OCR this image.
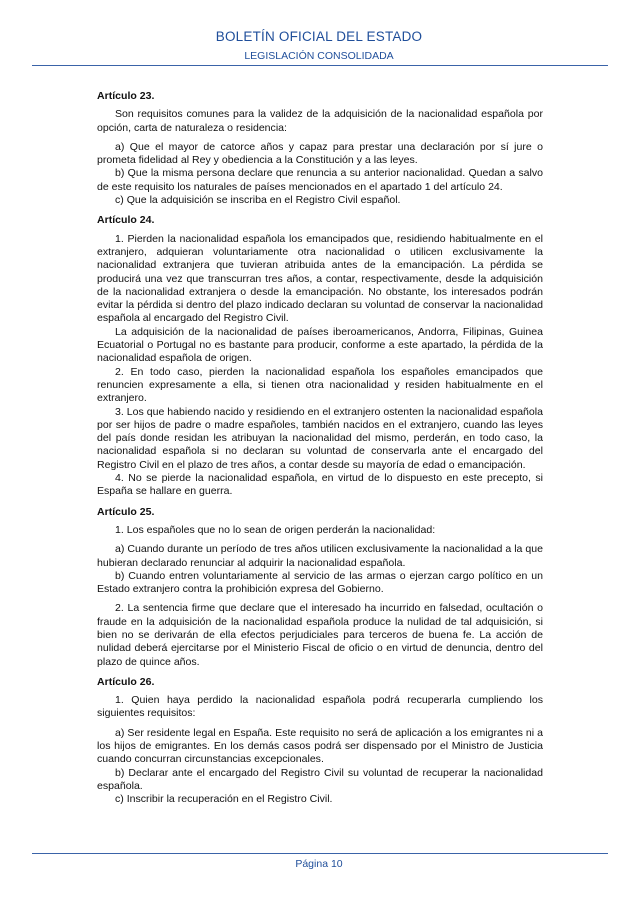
BOLETÍN OFICIAL DEL ESTADO
LEGISLACIÓN CONSOLIDADA
Artículo 23.

Son requisitos comunes para la validez de la adquisición de la nacionalidad española por opción, carta de naturaleza o residencia:

a) Que el mayor de catorce años y capaz para prestar una declaración por sí jure o prometa fidelidad al Rey y obediencia a la Constitución y a las leyes.

b) Que la misma persona declare que renuncia a su anterior nacionalidad. Quedan a salvo de este requisito los naturales de países mencionados en el apartado 1 del artículo 24.

c) Que la adquisición se inscriba en el Registro Civil español.

Artículo 24.

1. Pierden la nacionalidad española los emancipados que, residiendo habitualmente en el extranjero, adquieran voluntariamente otra nacionalidad o utilicen exclusivamente la nacionalidad extranjera que tuvieran atribuida antes de la emancipación. La pérdida se producirá una vez que transcurran tres años, a contar, respectivamente, desde la adquisición de la nacionalidad extranjera o desde la emancipación. No obstante, los interesados podrán evitar la pérdida si dentro del plazo indicado declaran su voluntad de conservar la nacionalidad española al encargado del Registro Civil.

La adquisición de la nacionalidad de países iberoamericanos, Andorra, Filipinas, Guinea Ecuatorial o Portugal no es bastante para producir, conforme a este apartado, la pérdida de la nacionalidad española de origen.

2. En todo caso, pierden la nacionalidad española los españoles emancipados que renuncien expresamente a ella, si tienen otra nacionalidad y residen habitualmente en el extranjero.

3. Los que habiendo nacido y residiendo en el extranjero ostenten la nacionalidad española por ser hijos de padre o madre españoles, también nacidos en el extranjero, cuando las leyes del país donde residan les atribuyan la nacionalidad del mismo, perderán, en todo caso, la nacionalidad española si no declaran su voluntad de conservarla ante el encargado del Registro Civil en el plazo de tres años, a contar desde su mayoría de edad o emancipación.

4. No se pierde la nacionalidad española, en virtud de lo dispuesto en este precepto, si España se hallare en guerra.

Artículo 25.

1. Los españoles que no lo sean de origen perderán la nacionalidad:

a) Cuando durante un período de tres años utilicen exclusivamente la nacionalidad a la que hubieran declarado renunciar al adquirir la nacionalidad española.

b) Cuando entren voluntariamente al servicio de las armas o ejerzan cargo político en un Estado extranjero contra la prohibición expresa del Gobierno.

2. La sentencia firme que declare que el interesado ha incurrido en falsedad, ocultación o fraude en la adquisición de la nacionalidad española produce la nulidad de tal adquisición, si bien no se derivarán de ella efectos perjudiciales para terceros de buena fe. La acción de nulidad deberá ejercitarse por el Ministerio Fiscal de oficio o en virtud de denuncia, dentro del plazo de quince años.

Artículo 26.

1. Quien haya perdido la nacionalidad española podrá recuperarla cumpliendo los siguientes requisitos:

a) Ser residente legal en España. Este requisito no será de aplicación a los emigrantes ni a los hijos de emigrantes. En los demás casos podrá ser dispensado por el Ministro de Justicia cuando concurran circunstancias excepcionales.

b) Declarar ante el encargado del Registro Civil su voluntad de recuperar la nacionalidad española.

c) Inscribir la recuperación en el Registro Civil.

Página 10
